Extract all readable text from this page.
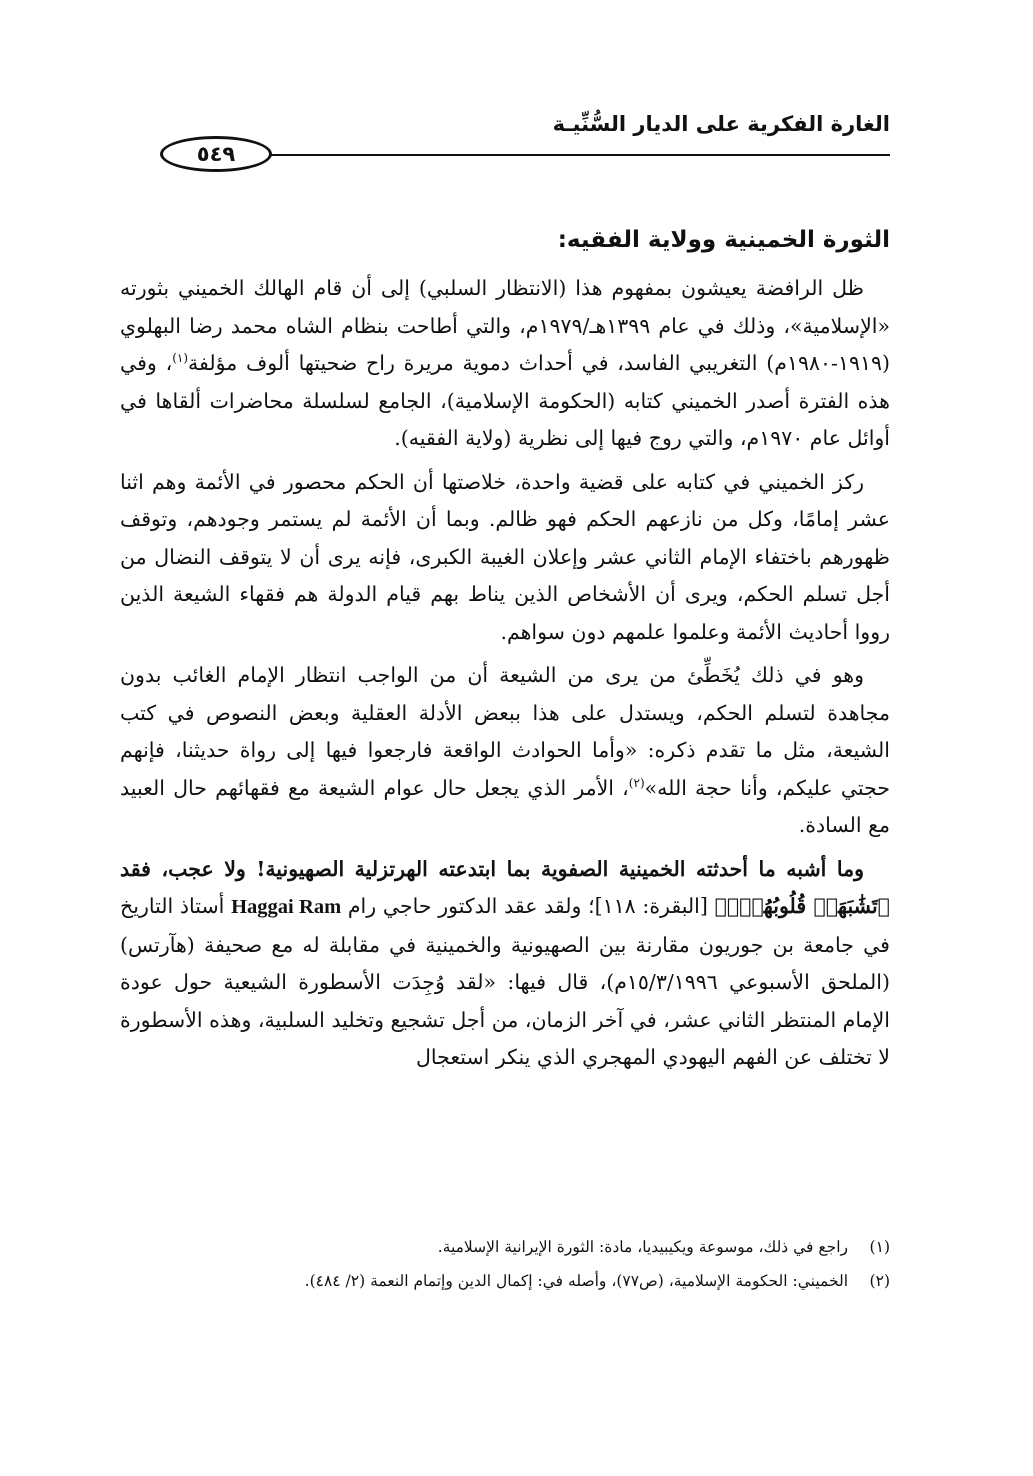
الغارة الفكرية على الديار السُّنِّيـة
٥٤٩
الثورة الخمينية وولاية الفقيه:

ظل الرافضة يعيشون بمفهوم هذا (الانتظار السلبي) إلى أن قام الهالك الخميني بثورته «الإسلامية»، وذلك في عام ١٣٩٩هـ/١٩٧٩م، والتي أطاحت بنظام الشاه محمد رضا البهلوي (١٩١٩-١٩٨٠م) التغريبي الفاسد، في أحداث دموية مريرة راح ضحيتها ألوف مؤلفة$^{(١)}$، وفي هذه الفترة أصدر الخميني كتابه (الحكومة الإسلامية)، الجامع لسلسلة محاضرات ألقاها في أوائل عام ١٩٧٠م، والتي روج فيها إلى نظرية (ولاية الفقيه).

ركز الخميني في كتابه على قضية واحدة، خلاصتها أن الحكم محصور في الأئمة وهم اثنا عشر إمامًا، وكل من نازعهم الحكم فهو ظالم. وبما أن الأئمة لم يستمر وجودهم، وتوقف ظهورهم باختفاء الإمام الثاني عشر وإعلان الغيبة الكبرى، فإنه يرى أن لا يتوقف النضال من أجل تسلم الحكم، ويرى أن الأشخاص الذين يناط بهم قيام الدولة هم فقهاء الشيعة الذين رووا أحاديث الأئمة وعلموا علمهم دون سواهم.

وهو في ذلك يُخَطِّئ من يرى من الشيعة أن من الواجب انتظار الإمام الغائب بدون مجاهدة لتسلم الحكم، ويستدل على هذا ببعض الأدلة العقلية وبعض النصوص في كتب الشيعة، مثل ما تقدم ذكره: «وأما الحوادث الواقعة فارجعوا فيها إلى رواة حديثنا، فإنهم حجتي عليكم، وأنا حجة الله»$^{(٢)}$، الأمر الذي يجعل حال عوام الشيعة مع فقهائهم حال العبيد مع السادة.

وما أشبه ما أحدثته الخمينية الصفوية بما ابتدعته الهرتزلية الصهيونية! ولا عجب، فقد ﴿تَشَٰبَهَتۡ قُلُوبُهُمۡۗ﴾ [البقرة: ١١٨]؛ ولقد عقد الدكتور حاجي رام Haggai Ram أستاذ التاريخ في جامعة بن جوريون مقارنة بين الصهيونية والخمينية في مقابلة له مع صحيفة (هآرتس) (الملحق الأسبوعي ١٥/٣/١٩٩٦م)، قال فيها: «لقد وُجِدَت الأسطورة الشيعية حول عودة الإمام المنتظر الثاني عشر، في آخر الزمان، من أجل تشجيع وتخليد السلبية، وهذه الأسطورة لا تختلف عن الفهم اليهودي المهجري الذي ينكر استعجال

(١)راجع في ذلك، موسوعة ويكيبيديا، مادة: الثورة الإيرانية الإسلامية.
(٢)الخميني: الحكومة الإسلامية، (ص٧٧)، وأصله في: إكمال الدين وإتمام النعمة (٢/ ٤٨٤).
